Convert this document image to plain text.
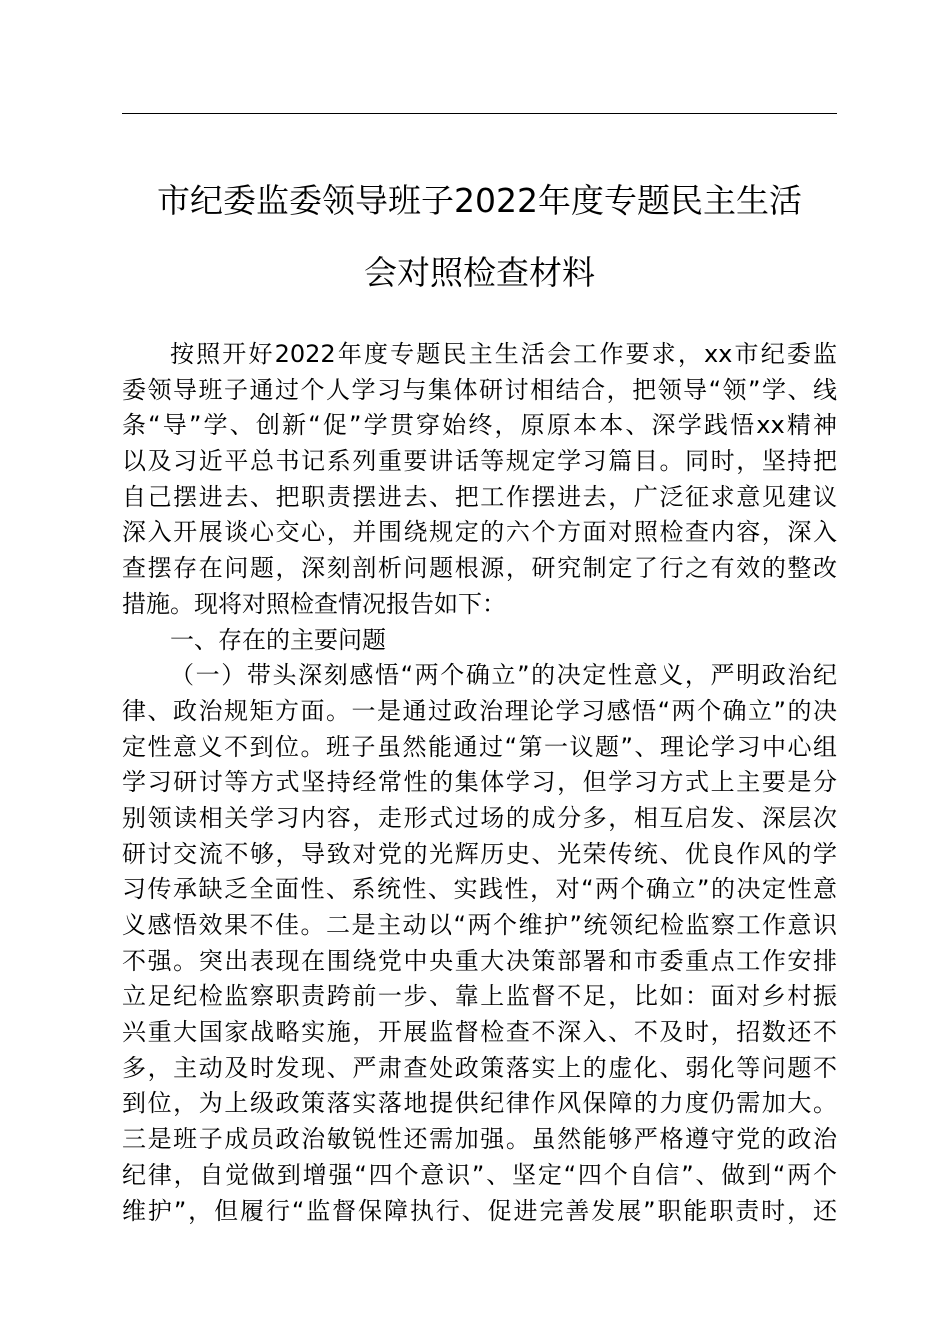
市纪委监委领导班子2022年度专题民主生活
会对照检查材料
按照开好2022年度专题民主生活会工作要求，xx市纪委监
委领导班子通过个人学习与集体研讨相结合，把领导“领”学、线
条“导”学、创新“促”学贯穿始终，原原本本、深学践悟xx精神
以及习近平总书记系列重要讲话等规定学习篇目。同时，坚持把
自己摆进去、把职责摆进去、把工作摆进去，广泛征求意见建议
深入开展谈心交心，并围绕规定的六个方面对照检查内容，深入
查摆存在问题，深刻剖析问题根源，研究制定了行之有效的整改
措施。现将对照检查情况报告如下：
一、存在的主要问题
（一）带头深刻感悟“两个确立”的决定性意义，严明政治纪
律、政治规矩方面。一是通过政治理论学习感悟“两个确立”的决
定性意义不到位。班子虽然能通过“第一议题”、理论学习中心组
学习研讨等方式坚持经常性的集体学习，但学习方式上主要是分
别领读相关学习内容，走形式过场的成分多，相互启发、深层次
研讨交流不够，导致对党的光辉历史、光荣传统、优良作风的学
习传承缺乏全面性、系统性、实践性，对“两个确立”的决定性意
义感悟效果不佳。二是主动以“两个维护”统领纪检监察工作意识
不强。突出表现在围绕党中央重大决策部署和市委重点工作安排
立足纪检监察职责跨前一步、靠上监督不足，比如：面对乡村振
兴重大国家战略实施，开展监督检查不深入、不及时，招数还不
多，主动及时发现、严肃查处政策落实上的虚化、弱化等问题不
到位，为上级政策落实落地提供纪律作风保障的力度仍需加大。
三是班子成员政治敏锐性还需加强。虽然能够严格遵守党的政治
纪律，自觉做到增强“四个意识”、坚定“四个自信”、做到“两个
维护”，但履行“监督保障执行、促进完善发展”职能职责时，还
